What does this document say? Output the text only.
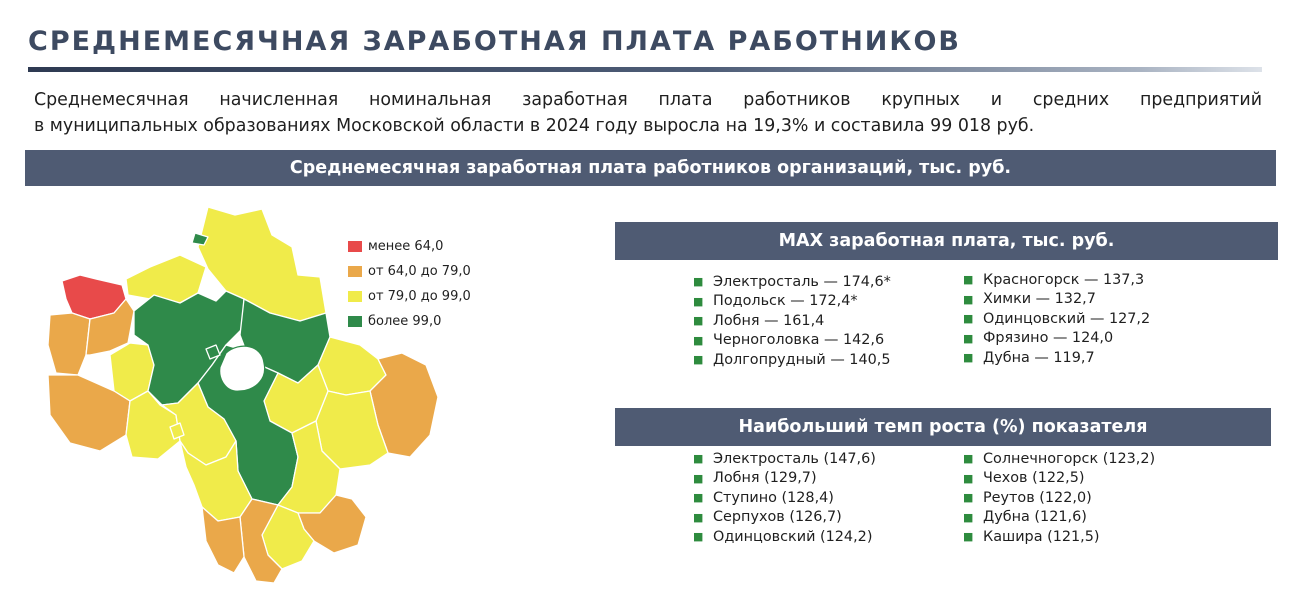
СРЕДНЕМЕСЯЧНАЯ ЗАРАБОТНАЯ ПЛАТА РАБОТНИКОВ
Среднемесячная начисленная номинальная заработная плата работников крупных и средних предприятий
в муниципальных образованиях Московской области в 2024 году выросла на 19,3% и составила 99 018 руб.
Среднемесячная заработная плата работников организаций, тыс. руб.
менее 64,0
от 64,0 до 79,0
от 79,0 до 99,0
более 99,0
MAX заработная плата, тыс. руб.
■ Электросталь — 174,6*
■ Подольск — 172,4*
■ Лобня — 161,4
■ Черноголовка — 142,6
■ Долгопрудный — 140,5
■ Красногорск — 137,3
■ Химки — 132,7
■ Одинцовский — 127,2
■ Фрязино — 124,0
■ Дубна — 119,7
Наибольший темп роста (%) показателя
■ Электросталь (147,6)
■ Лобня (129,7)
■ Ступино (128,4)
■ Серпухов (126,7)
■ Одинцовский (124,2)
■ Солнечногорск (123,2)
■ Чехов (122,5)
■ Реутов (122,0)
■ Дубна (121,6)
■ Кашира (121,5)
